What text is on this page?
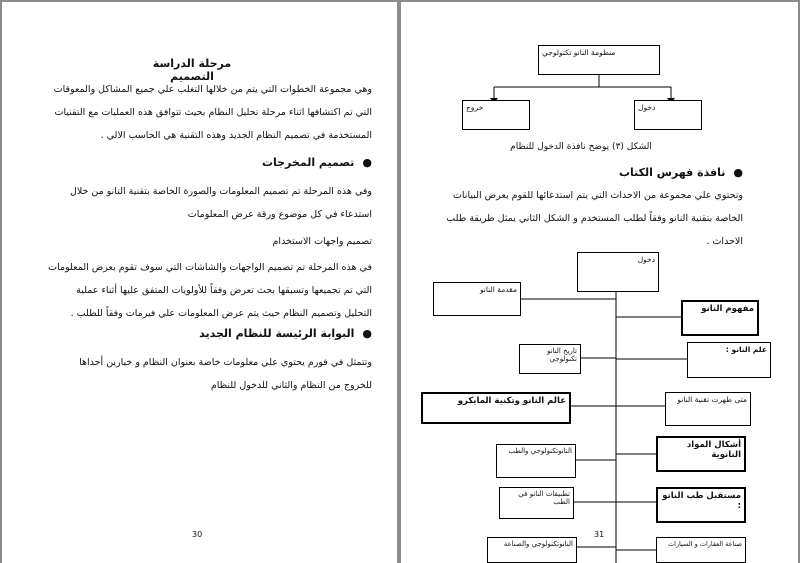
مرحلة الدراسة التصميم
وهي مجموعة الخطوات التي يتم من خلالها التغلب علي جميع المشاكل والمعوقات
التي تم اكتشافها اثناء مرحلة تحليل النظام بحيث تتوافق هذه العمليات مع التقنيات
المستخدمة في تصميم النظام الجديد وهذه التقنية هي الحاسب الالي .
●تصميم المخرجات
وفي هذه المرحلة تم تصميم المعلومات والصورة الخاصة بتقنية النانو من خلال
استدعاء في كل موضوع ورقة عرض المعلومات
تصميم واجهات الاستخدام
في هذه المرحلة تم تصميم الواجهات والشاشات التي سوف تقوم بعرض المعلومات
التي تم تجميعها وتسبقها بحث تعرض وفقاً للأولويات المتفق عليها أثناء عملية
التحليل وتصميم النظام حيث يتم عرض المعلومات علي فيرمات وفقاً للطلب .
●البوابة الرئيسة للنظام الجديد
وتتمثل في فورم يحتوي علي معلومات خاصة بعنوان النظام و خيارين أحداها
للخروج من النظام والثاني للدخول للنظام
30
منظومة النانو تكنولوجي
خروج	دخول
الشكل (٣) يوضح نافذة الدخول للنظام
●نافذة فهرس الكتاب
وتحتوي علي مجموعة من الاحداث التي يتم استدعائها للقوم بعرض البيانات
الخاصة بتقنية النانو وفقاً لطلب المستخدم و الشكل الثاني يمثل طريقة طلب
الاحداث .
دخول
مقدمة النانو
تاريخ النانو تكنولوجي
عالم النانو وتكنية المايكرو
النانوتكنولوجي والطب
تطبيقات النانو في الطب
النانوتكنولوجي والصناعة
مفهوم النانو
علم النانو :
متى ظهرت تقنية النانو
أشكال المواد النانوية
مستقبل طب النانو :
صناعة العقارات و السيارات
31
